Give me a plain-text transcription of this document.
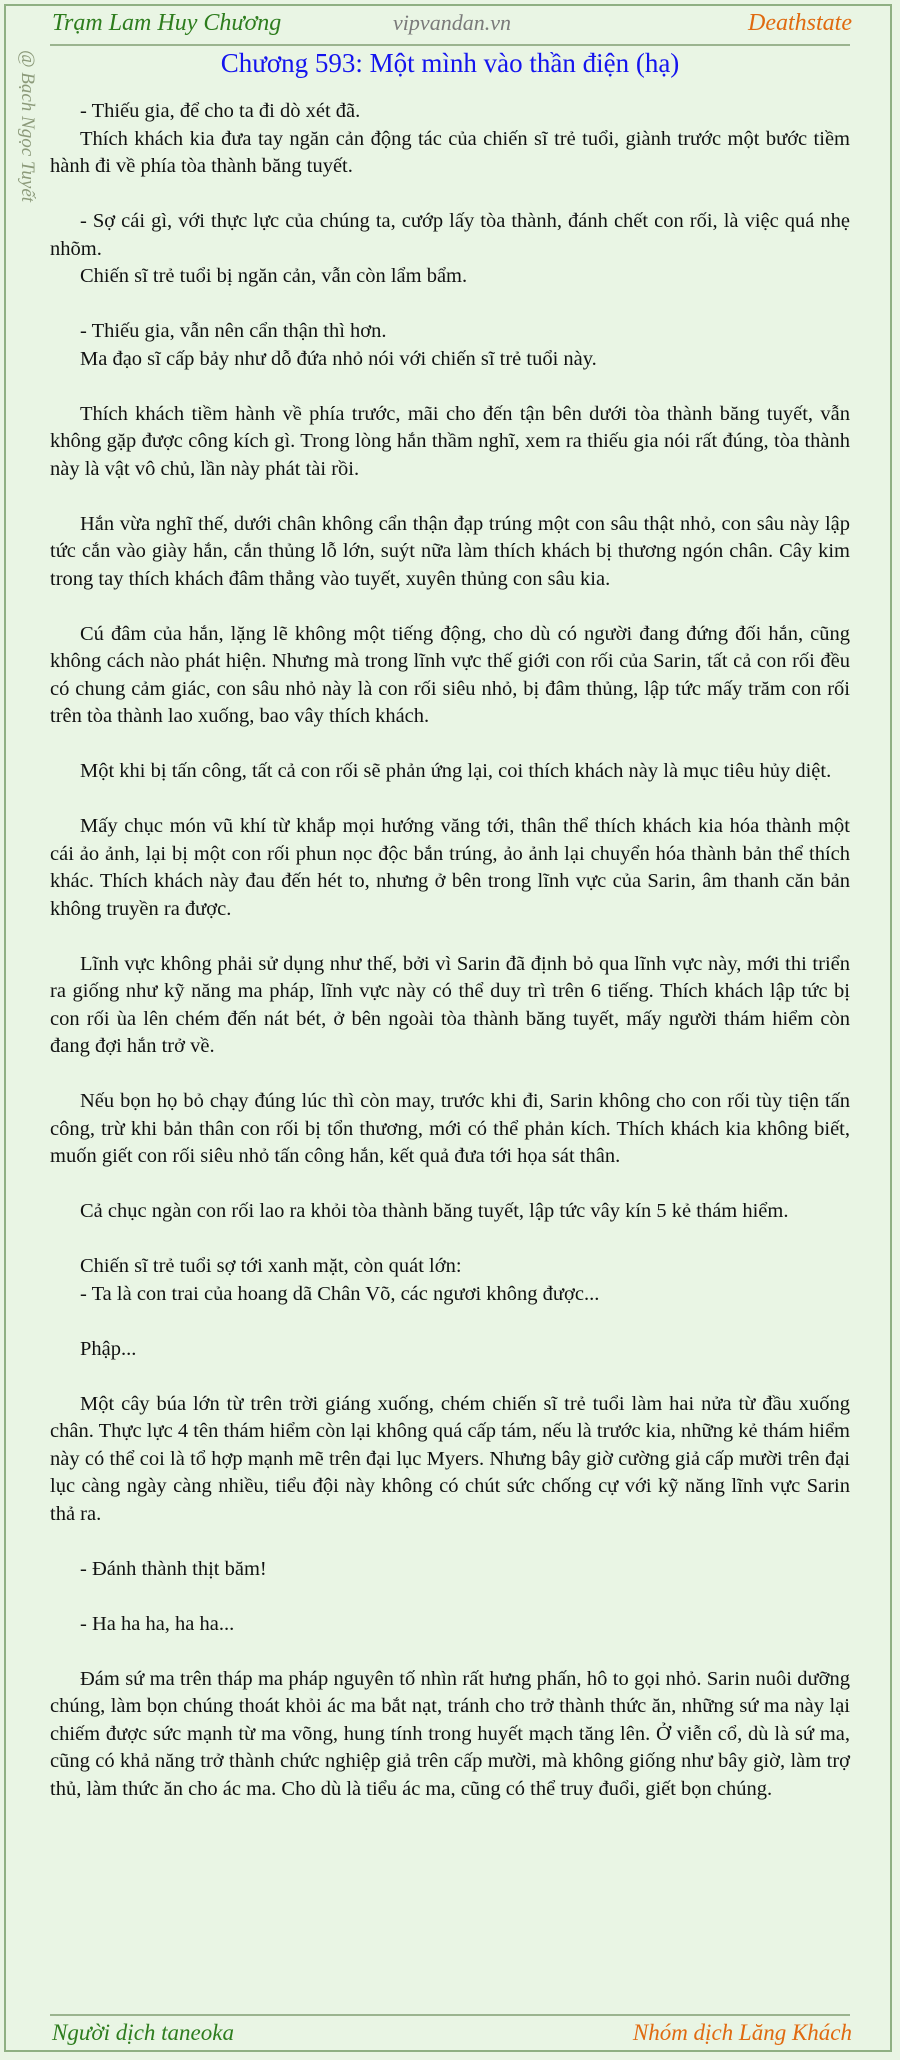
Trạm Lam Huy Chương	vipvandan.vn	Deathstate
@ Bạch Ngọc Tuyết	Chương 593: Một mình vào thần điện (hạ)

- Thiếu gia, để cho ta đi dò xét đã.

Thích khách kia đưa tay ngăn cản động tác của chiến sĩ trẻ tuổi, giành trước một bước tiềm hành đi về phía tòa thành băng tuyết.

- Sợ cái gì, với thực lực của chúng ta, cướp lấy tòa thành, đánh chết con rối, là việc quá nhẹ nhõm.

Chiến sĩ trẻ tuổi bị ngăn cản, vẫn còn lẩm bẩm.

- Thiếu gia, vẫn nên cẩn thận thì hơn.

Ma đạo sĩ cấp bảy như dỗ đứa nhỏ nói với chiến sĩ trẻ tuổi này.

Thích khách tiềm hành về phía trước, mãi cho đến tận bên dưới tòa thành băng tuyết, vẫn không gặp được công kích gì. Trong lòng hắn thầm nghĩ, xem ra thiếu gia nói rất đúng, tòa thành này là vật vô chủ, lần này phát tài rồi.

Hắn vừa nghĩ thế, dưới chân không cẩn thận đạp trúng một con sâu thật nhỏ, con sâu này lập tức cắn vào giày hắn, cắn thủng lỗ lớn, suýt nữa làm thích khách bị thương ngón chân. Cây kim trong tay thích khách đâm thẳng vào tuyết, xuyên thủng con sâu kia.

Cú đâm của hắn, lặng lẽ không một tiếng động, cho dù có người đang đứng đối hắn, cũng không cách nào phát hiện. Nhưng mà trong lĩnh vực thế giới con rối của Sarin, tất cả con rối đều có chung cảm giác, con sâu nhỏ này là con rối siêu nhỏ, bị đâm thủng, lập tức mấy trăm con rối trên tòa thành lao xuống, bao vây thích khách.

Một khi bị tấn công, tất cả con rối sẽ phản ứng lại, coi thích khách này là mục tiêu hủy diệt.

Mấy chục món vũ khí từ khắp mọi hướng văng tới, thân thể thích khách kia hóa thành một cái ảo ảnh, lại bị một con rối phun nọc độc bắn trúng, ảo ảnh lại chuyển hóa thành bản thể thích khác. Thích khách này đau đến hét to, nhưng ở bên trong lĩnh vực của Sarin, âm thanh căn bản không truyền ra được.

Lĩnh vực không phải sử dụng như thế, bởi vì Sarin đã định bỏ qua lĩnh vực này, mới thi triển ra giống như kỹ năng ma pháp, lĩnh vực này có thể duy trì trên 6 tiếng. Thích khách lập tức bị con rối ùa lên chém đến nát bét, ở bên ngoài tòa thành băng tuyết, mấy người thám hiểm còn đang đợi hắn trở về.

Nếu bọn họ bỏ chạy đúng lúc thì còn may, trước khi đi, Sarin không cho con rối tùy tiện tấn công, trừ khi bản thân con rối bị tổn thương, mới có thể phản kích. Thích khách kia không biết, muốn giết con rối siêu nhỏ tấn công hắn, kết quả đưa tới họa sát thân.

Cả chục ngàn con rối lao ra khỏi tòa thành băng tuyết, lập tức vây kín 5 kẻ thám hiểm.

Chiến sĩ trẻ tuổi sợ tới xanh mặt, còn quát lớn:

- Ta là con trai của hoang dã Chân Võ, các ngươi không được...

Phập...

Một cây búa lớn từ trên trời giáng xuống, chém chiến sĩ trẻ tuổi làm hai nửa từ đầu xuống chân. Thực lực 4 tên thám hiểm còn lại không quá cấp tám, nếu là trước kia, những kẻ thám hiểm này có thể coi là tổ hợp mạnh mẽ trên đại lục Myers. Nhưng bây giờ cường giả cấp mười trên đại lục càng ngày càng nhiều, tiểu đội này không có chút sức chống cự với kỹ năng lĩnh vực Sarin thả ra.

- Đánh thành thịt băm!

- Ha ha ha, ha ha...

Đám sứ ma trên tháp ma pháp nguyên tố nhìn rất hưng phấn, hô to gọi nhỏ. Sarin nuôi dưỡng chúng, làm bọn chúng thoát khỏi ác ma bắt nạt, tránh cho trở thành thức ăn, những sứ ma này lại chiếm được sức mạnh từ ma võng, hung tính trong huyết mạch tăng lên. Ở viễn cổ, dù là sứ ma, cũng có khả năng trở thành chức nghiệp giả trên cấp mười, mà không giống như bây giờ, làm trợ thủ, làm thức ăn cho ác ma. Cho dù là tiểu ác ma, cũng có thể truy đuổi, giết bọn chúng.

Người dịch taneoka	Nhóm dịch Lăng Khách
